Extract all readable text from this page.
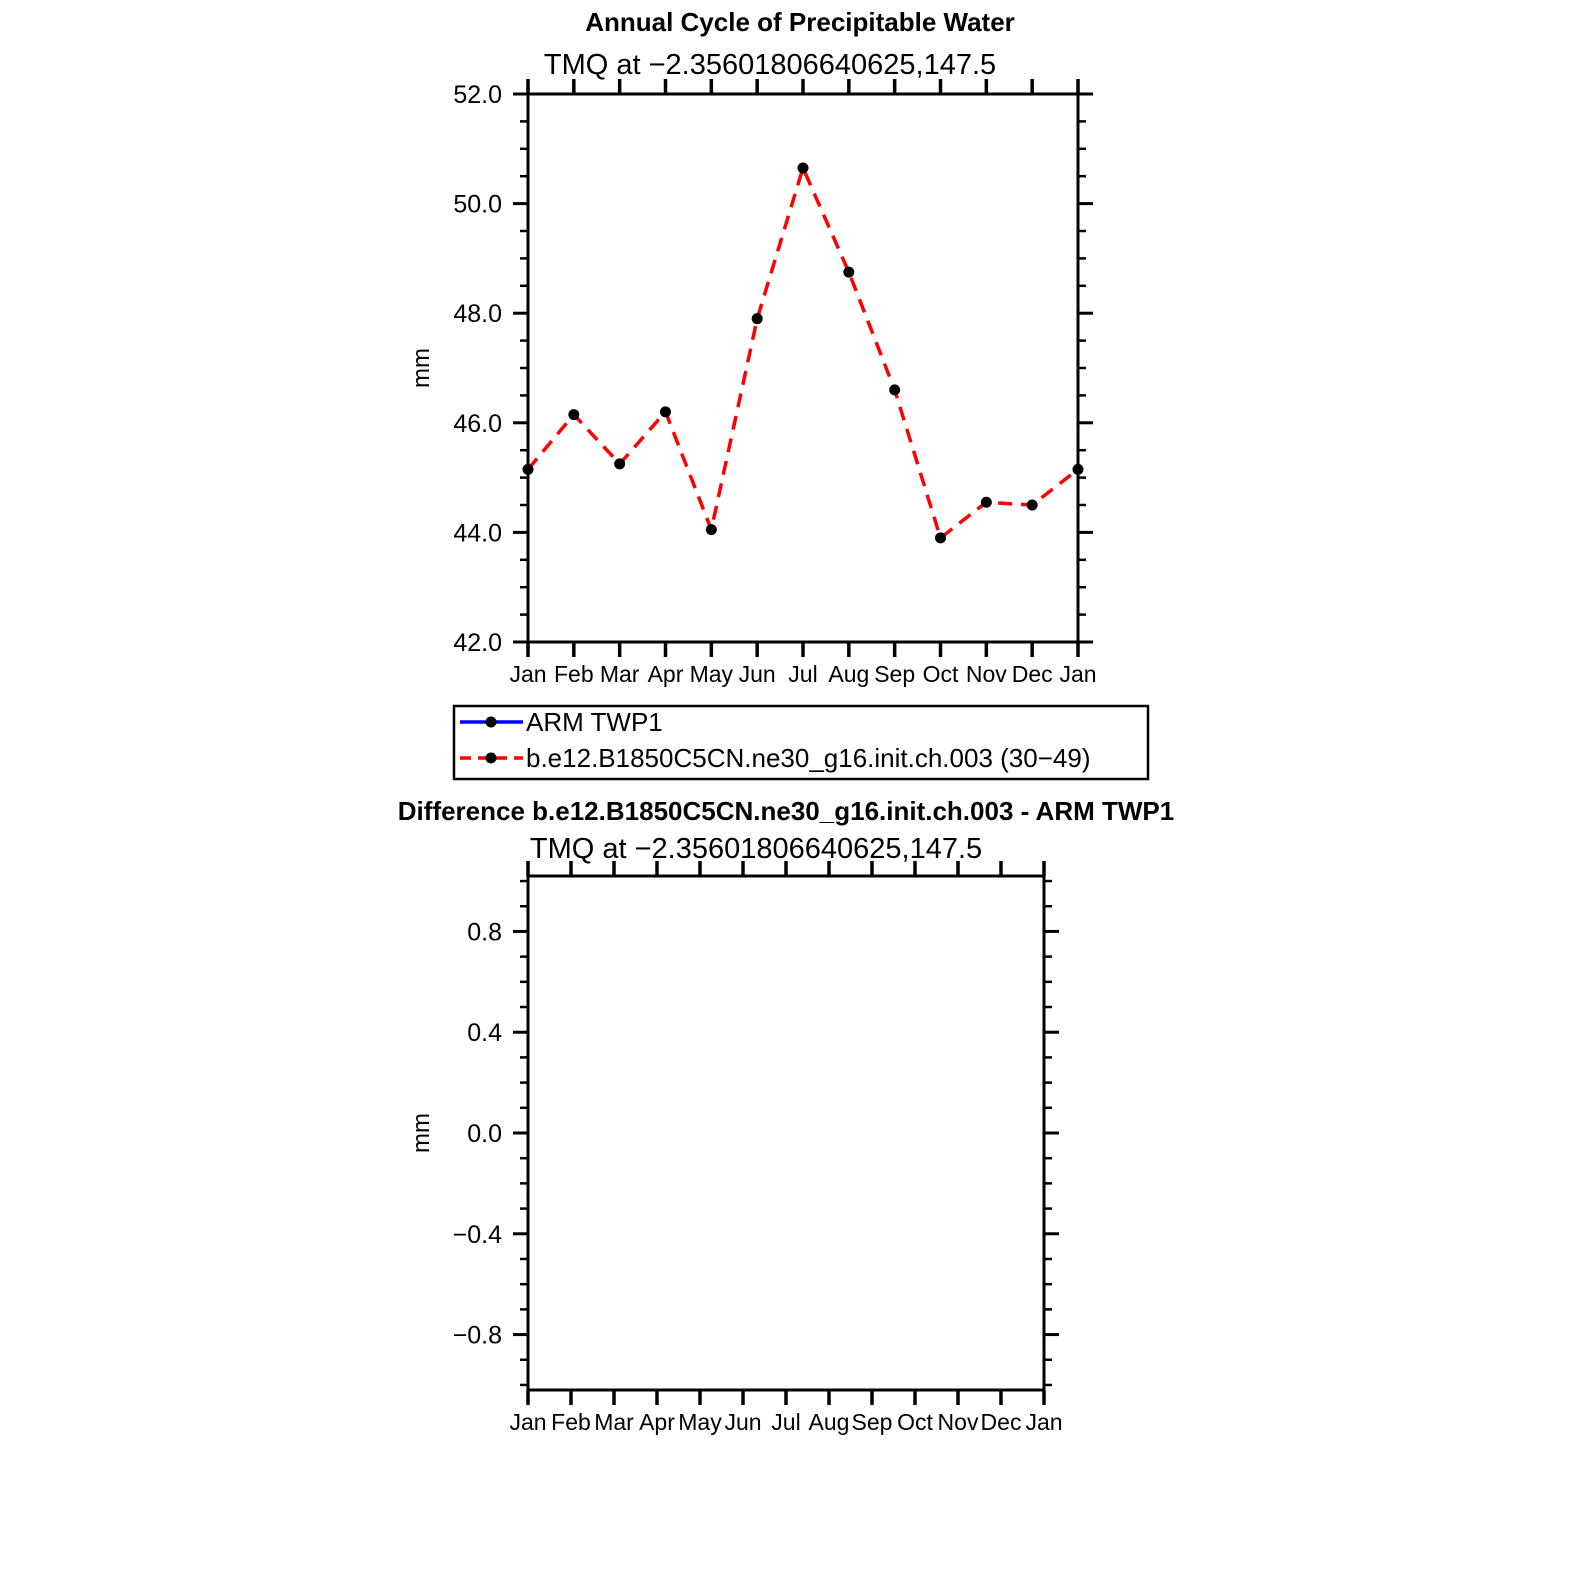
Annual Cycle of Precipitable Water
TMQ at −2.35601806640625,147.5
Jan Feb Mar Apr May Jun Jul Aug Sep Oct Nov Dec Jan
42.0
44.0
46.0
48.0
50.0
52.0
mm
ARM TWP1
b.e12.B1850C5CN.ne30_g16.init.ch.003 (30−49)
Difference b.e12.B1850C5CN.ne30_g16.init.ch.003 - ARM TWP1
TMQ at −2.35601806640625,147.5
Jan Feb Mar Apr May Jun Jul Aug Sep Oct Nov Dec Jan
−0.8
−0.4
0.0
0.4
0.8
mm
